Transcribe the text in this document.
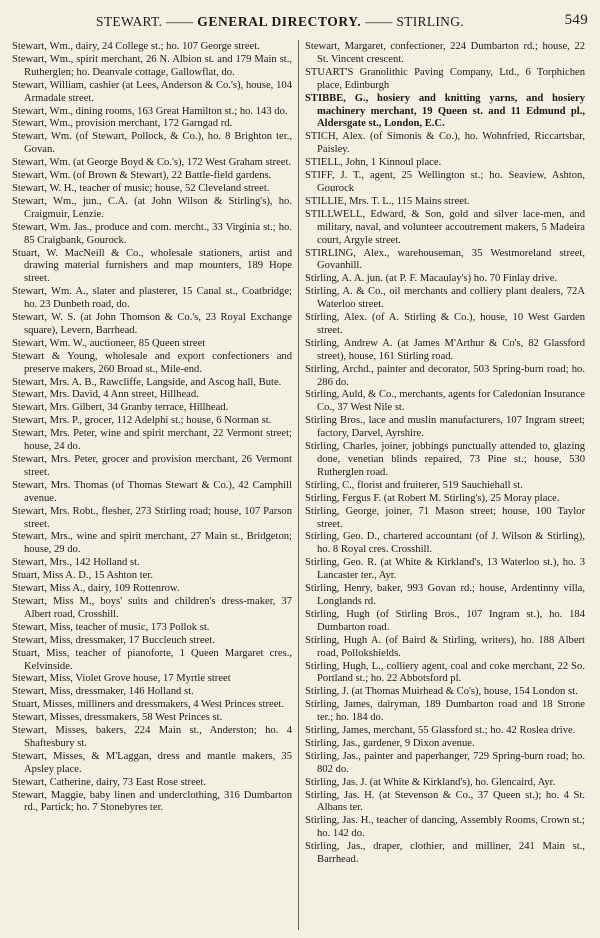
STEWART. —— GENERAL DIRECTORY. —— STIRLING.	549

Stewart, Wm., dairy, 24 College st.; ho. 107 George street.

Stewart, Wm., spirit merchant, 26 N. Albion st. and 179 Main st., Rutherglen; ho. Deanvale cottage, Gallowflat, do.

Stewart, William, cashier (at Lees, Anderson & Co.'s), house, 104 Armadale street.

Stewart, Wm., dining rooms, 163 Great Hamilton st.; ho. 143 do.

Stewart, Wm., provision merchant, 172 Garngad rd.

Stewart, Wm. (of Stewart, Pollock, & Co.), ho. 8 Brighton ter., Govan.

Stewart, Wm. (at George Boyd & Co.'s), 172 West Graham street.

Stewart, Wm. (of Brown & Stewart), 22 Battle-field gardens.

Stewart, W. H., teacher of music; house, 52 Cleveland street.

Stewart, Wm., jun., C.A. (at John Wilson & Stirling's), ho. Craigmuir, Lenzie.

Stewart, Wm. Jas., produce and com. mercht., 33 Virginia st.; ho. 85 Craigbank, Gourock.

Stuart, W. MacNeill & Co., wholesale stationers, artist and drawing material furnishers and map mounters, 189 Hope street.

Stewart, Wm. A., slater and plasterer, 15 Canal st., Coatbridge; ho. 23 Dunbeth road, do.

Stewart, W. S. (at John Thomson & Co.'s, 23 Royal Exchange square), Levern, Barrhead.

Stewart, Wm. W., auctioneer, 85 Queen street

Stewart & Young, wholesale and export confectioners and preserve makers, 260 Broad st., Mile-end.

Stewart, Mrs. A. B., Rawcliffe, Langside, and Ascog hall, Bute.

Stewart, Mrs. David, 4 Ann street, Hillhead.

Stewart, Mrs. Gilbert, 34 Granby terrace, Hillhead.

Stewart, Mrs. P., grocer, 112 Adelphi st.; house, 6 Norman st.

Stewart, Mrs. Peter, wine and spirit merchant, 22 Vermont street; house, 24 do.

Stewart, Mrs. Peter, grocer and provision merchant, 26 Vermont street.

Stewart, Mrs. Thomas (of Thomas Stewart & Co.), 42 Camphill avenue.

Stewart, Mrs. Robt., flesher, 273 Stirling road; house, 107 Parson street.

Stewart, Mrs., wine and spirit merchant, 27 Main st., Bridgeton; house, 29 do.

Stewart, Mrs., 142 Holland st.

Stuart, Miss A. D., 15 Ashton ter.

Stewart, Miss A., dairy, 109 Rottenrow.

Stewart, Miss M., boys' suits and children's dress-maker, 37 Albert road, Crosshill.

Stewart, Miss, teacher of music, 173 Pollok st.

Stewart, Miss, dressmaker, 17 Buccleuch street.

Stuart, Miss, teacher of pianoforte, 1 Queen Margaret cres., Kelvinside.

Stewart, Miss, Violet Grove house, 17 Myrtle street

Stewart, Miss, dressmaker, 146 Holland st.

Stuart, Misses, milliners and dressmakers, 4 West Princes street.

Stewart, Misses, dressmakers, 58 West Princes st.

Stewart, Misses, bakers, 224 Main st., Anderston; ho. 4 Shaftesbury st.

Stewart, Misses, & M'Laggan, dress and mantle makers, 35 Apsley place.

Stewart, Catherine, dairy, 73 East Rose street.

Stewart, Maggie, baby linen and underclothing, 316 Dumbarton rd., Partick; ho. 7 Stonebyres ter.

Stewart, Margaret, confectioner, 224 Dumbarton rd.; house, 22 St. Vincent crescent.

STUART'S Granolithic Paving Company, Ltd., 6 Torphichen place, Edinburgh

STIBBE, G., hosiery and knitting yarns, and hosiery machinery merchant, 19 Queen st. and 11 Edmund pl., Aldersgate st., London, E.C.

STICH, Alex. (of Simonis & Co.), ho. Wohnfried, Riccartsbar, Paisley.

STIELL, John, 1 Kinnoul place.

STIFF, J. T., agent, 25 Wellington st.; ho. Seaview, Ashton, Gourock

STILLIE, Mrs. T. L., 115 Mains street.

STILLWELL, Edward, & Son, gold and silver lace-men, and military, naval, and volunteer accoutrement makers, 5 Madeira court, Argyle street.

STIRLING, Alex., warehouseman, 35 Westmoreland street, Govanhill.

Stirling, A. A. jun. (at P. F. Macaulay's) ho. 70 Finlay drive.

Stirling, A. & Co., oil merchants and colliery plant dealers, 72A Waterloo street.

Stirling, Alex. (of A. Stirling & Co.), house, 10 West Garden street.

Stirling, Andrew A. (at James M'Arthur & Co's, 82 Glassford street), house, 161 Stirling road.

Stirling, Archd., painter and decorator, 503 Spring-burn road; ho. 286 do.

Stirling, Auld, & Co., merchants, agents for Caledonian Insurance Co., 37 West Nile st.

Stirling Bros., lace and muslin manufacturers, 107 Ingram street; factory, Darvel, Ayrshire.

Stirling, Charles, joiner, jobbings punctually attended to, glazing done, venetian blinds repaired, 73 Pine st.; house, 530 Rutherglen road.

Stirling, C., florist and fruiterer, 519 Sauchiehall st.

Stirling, Fergus F. (at Robert M. Stirling's), 25 Moray place.

Stirling, George, joiner, 71 Mason street; house, 100 Taylor street.

Stirling, Geo. D., chartered accountant (of J. Wilson & Stirling), ho. 8 Royal cres. Crosshill.

Stirling, Geo. R. (at White & Kirkland's, 13 Waterloo st.), ho. 3 Lancaster ter., Ayr.

Stirling, Henry, baker, 993 Govan rd.; house, Ardentinny villa, Longlands rd.

Stirling, Hugh (of Stirling Bros., 107 Ingram st.), ho. 184 Dumbarton road.

Stirling, Hugh A. (of Baird & Stirling, writers), ho. 188 Albert road, Pollokshields.

Stirling, Hugh, L., colliery agent, coal and coke merchant, 22 So. Portland st.; ho. 22 Abbotsford pl.

Stirling, J. (at Thomas Muirhead & Co's), house, 154 London st.

Stirling, James, dairyman, 189 Dumbarton road and 18 Strone ter.; ho. 184 do.

Stirling, James, merchant, 55 Glassford st.; ho. 42 Roslea drive.

Stirling, Jas., gardener, 9 Dixon avenue.

Stirling, Jas., painter and paperhanger, 729 Spring-burn road; ho. 802 do.

Stirling, Jas. J. (at White & Kirkland's), ho. Glencaird, Ayr.

Stirling, Jas. H. (at Stevenson & Co., 37 Queen st.); ho. 4 St. Albans ter.

Stirling, Jas. H., teacher of dancing, Assembly Rooms, Crown st.; ho. 142 do.

Stirling, Jas., draper, clothier, and milliner, 241 Main st., Barrhead.
